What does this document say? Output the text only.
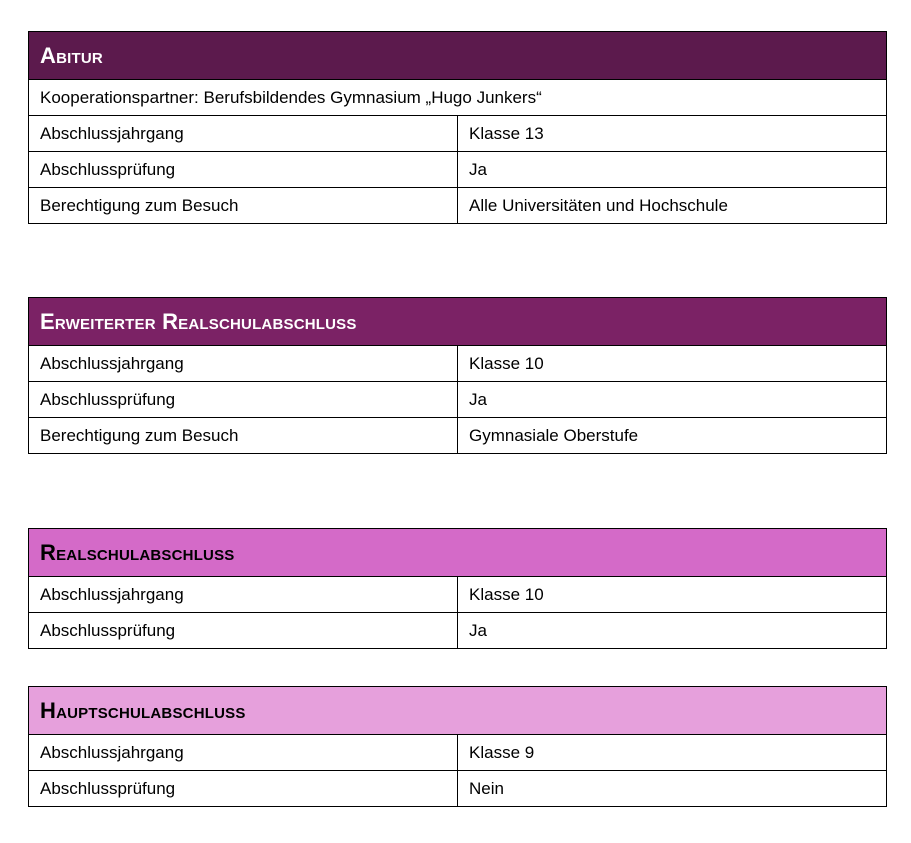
Abitur	
Kooperationspartner: Berufsbildendes Gymnasium „Hugo Junkers“	
Abschlussjahrgang	Klasse 13
Abschlussprüfung	Ja
Berechtigung zum Besuch	Alle Universitäten und Hochschule
Erweiterter Realschulabschluss	
Abschlussjahrgang	Klasse 10
Abschlussprüfung	Ja
Berechtigung zum Besuch	Gymnasiale Oberstufe
Realschulabschluss	
Abschlussjahrgang	Klasse 10
Abschlussprüfung	Ja
Hauptschulabschluss	
Abschlussjahrgang	Klasse 9
Abschlussprüfung	Nein
